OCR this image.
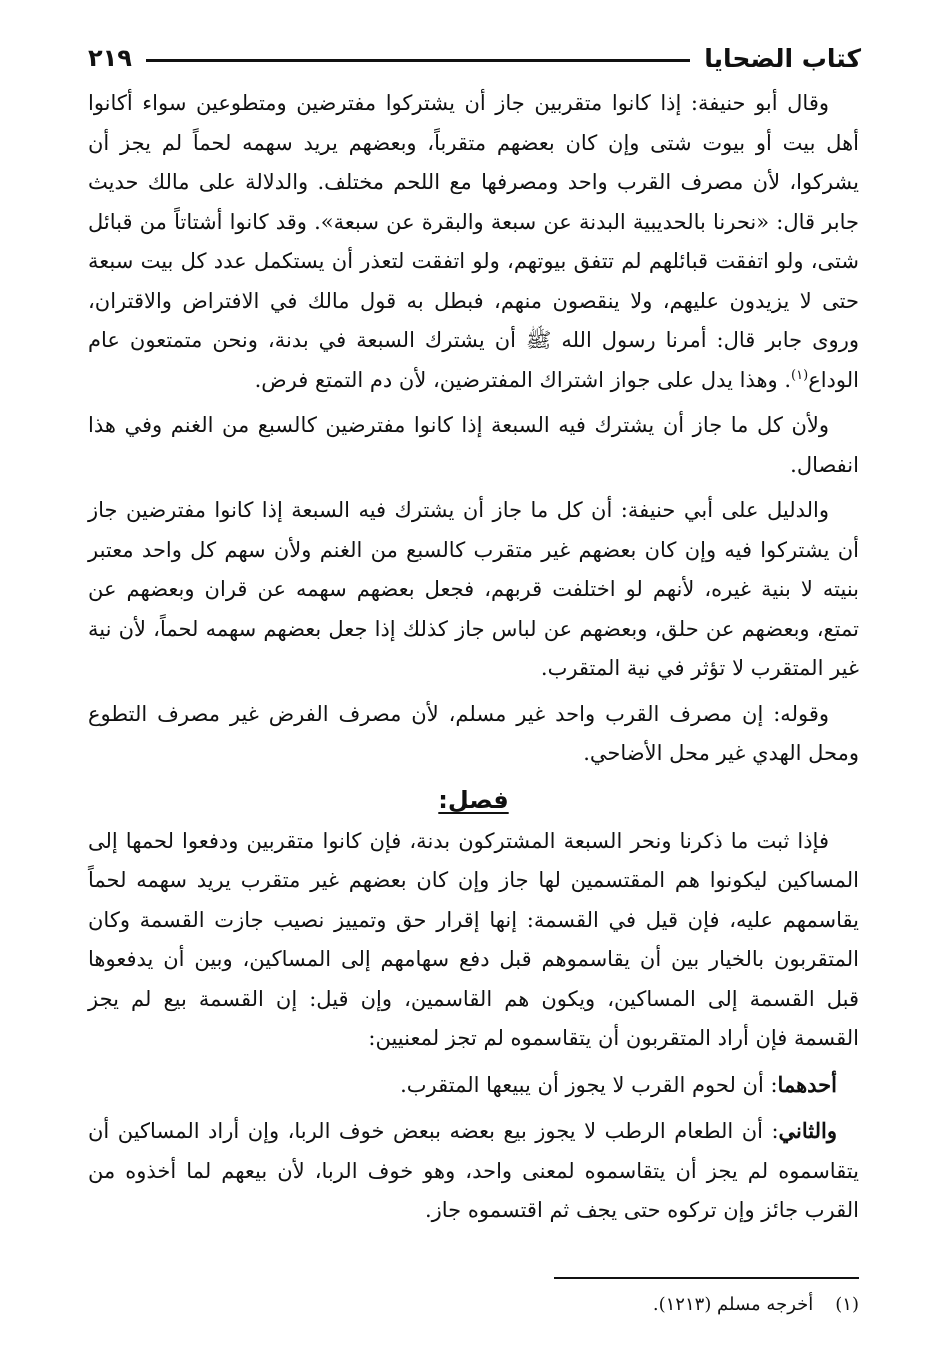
كتاب الضحايا
٢١٩

وقال أبو حنيفة: إذا كانوا متقربين جاز أن يشتركوا مفترضين ومتطوعين سواء أكانوا أهل بيت أو بيوت شتى وإن كان بعضهم متقرباً، وبعضهم يريد سهمه لحماً لم يجز أن يشركوا، لأن مصرف القرب واحد ومصرفها مع اللحم مختلف. والدلالة على مالك حديث جابر قال: «نحرنا بالحديبية البدنة عن سبعة والبقرة عن سبعة». وقد كانوا أشتاتاً من قبائل شتى، ولو اتفقت قبائلهم لم تتفق بيوتهم، ولو اتفقت لتعذر أن يستكمل عدد كل بيت سبعة حتى لا يزيدون عليهم، ولا ينقصون منهم، فبطل به قول مالك في الافتراض والاقتران، وروى جابر قال: أمرنا رسول الله ﷺ أن يشترك السبعة في بدنة، ونحن متمتعون عام الوداع$^{(١)}$. وهذا يدل على جواز اشتراك المفترضين، لأن دم التمتع فرض.

ولأن كل ما جاز أن يشترك فيه السبعة إذا كانوا مفترضين كالسبع من الغنم وفي هذا انفصال.

والدليل على أبي حنيفة: أن كل ما جاز أن يشترك فيه السبعة إذا كانوا مفترضين جاز أن يشتركوا فيه وإن كان بعضهم غير متقرب كالسبع من الغنم ولأن سهم كل واحد معتبر بنيته لا بنية غيره، لأنهم لو اختلفت قربهم، فجعل بعضهم سهمه عن قران وبعضهم عن تمتع، وبعضهم عن حلق، وبعضهم عن لباس جاز كذلك إذا جعل بعضهم سهمه لحماً، لأن نية غير المتقرب لا تؤثر في نية المتقرب.

وقوله: إن مصرف القرب واحد غير مسلم، لأن مصرف الفرض غير مصرف التطوع ومحل الهدي غير محل الأضاحي.

فصل:

فإذا ثبت ما ذكرنا ونحر السبعة المشتركون بدنة، فإن كانوا متقربين ودفعوا لحمها إلى المساكين ليكونوا هم المقتسمين لها جاز وإن كان بعضهم غير متقرب يريد سهمه لحماً يقاسمهم عليه، فإن قيل في القسمة: إنها إقرار حق وتمييز نصيب جازت القسمة وكان المتقربون بالخيار بين أن يقاسموهم قبل دفع سهامهم إلى المساكين، وبين أن يدفعوها قبل القسمة إلى المساكين، ويكون هم القاسمين، وإن قيل: إن القسمة بيع لم يجز القسمة فإن أراد المتقربون أن يتقاسموه لم تجز لمعنيين:

أحدهما: أن لحوم القرب لا يجوز أن يبيعها المتقرب.

والثاني: أن الطعام الرطب لا يجوز بيع بعضه ببعض خوف الربا، وإن أراد المساكين أن يتقاسموه لم يجز أن يتقاسموه لمعنى واحد، وهو خوف الربا، لأن بيعهم لما أخذوه من القرب جائز وإن تركوه حتى يجف ثم اقتسموه جاز.

(١) أخرجه مسلم (١٢١٣).
